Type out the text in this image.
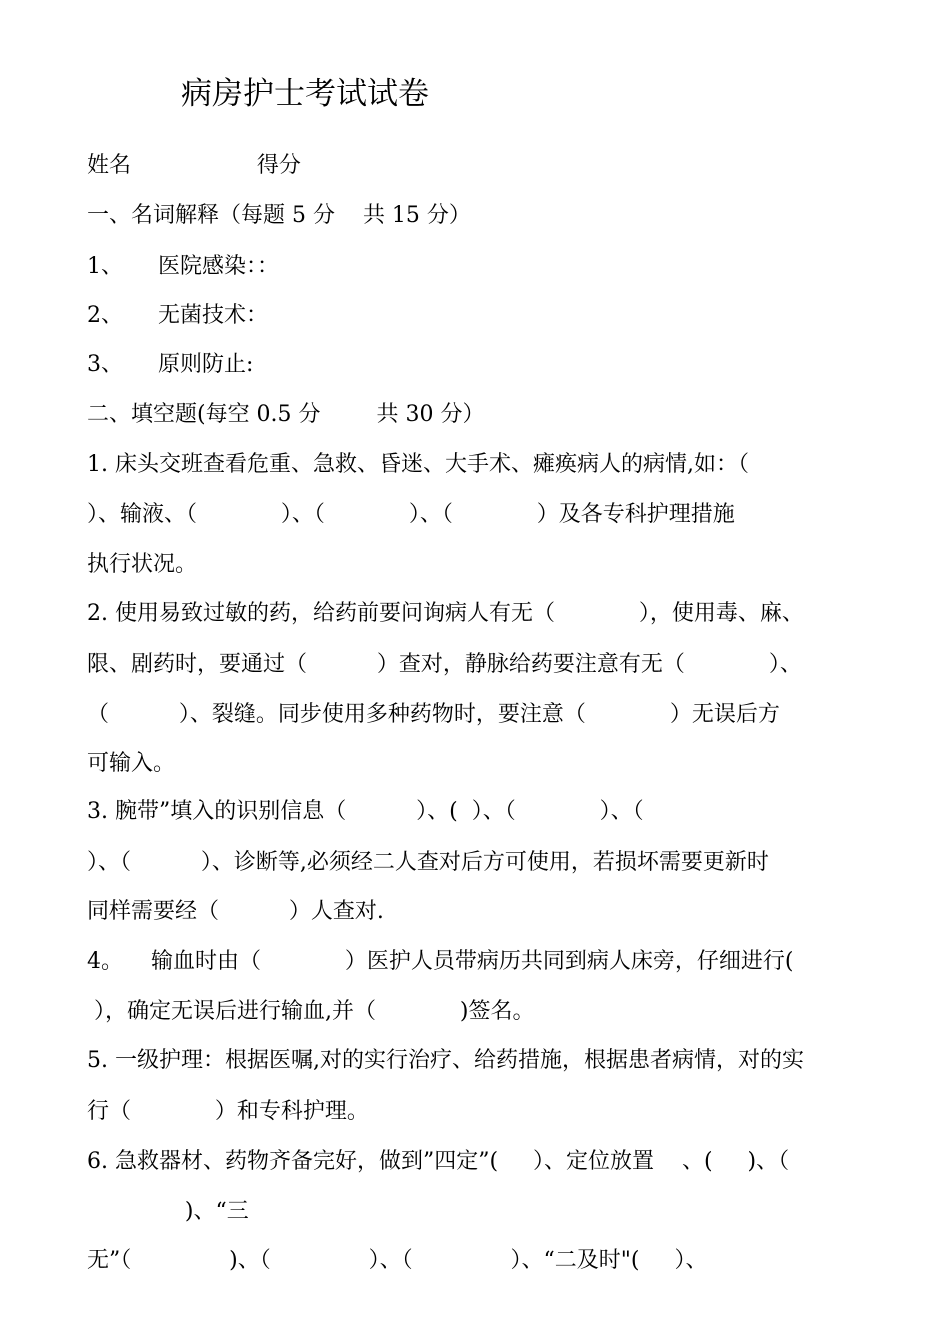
病房护士考试试卷

姓名                  得分

一、名词解释（每题 5 分    共 15 分）

1、     医院感染：：

2、     无菌技术：

3、     原则防止:

二、填空题(每空 0.5 分        共 30 分）

1. 床头交班查看危重、急救、昏迷、大手术、瘫痪病人的病情,如：（

）、输液、（            ）、（            ）、（            ）及各专科护理措施

执行状况。

2. 使用易致过敏的药，给药前要问询病人有无（            ），使用毒、麻、

限、剧药时，要通过（          ）查对，静脉给药要注意有无（            ）、

（          ）、裂缝。同步使用多种药物时，要注意（            ）无误后方

可输入。

3. 腕带”填入的识别信息（          ）、(  ）、（            ）、（

）、（          ）、诊断等,必须经二人查对后方可使用，若损坏需要更新时

同样需要经（          ）人查对.

4。    输血时由（            ）医护人员带病历共同到病人床旁，仔细进行(

），确定无误后进行输血,并（            )签名。

5. 一级护理：根据医嘱,对的实行治疗、给药措施，根据患者病情，对的实

行（            ）和专科护理。

6. 急救器材、药物齐备完好，做到”四定”(     ）、定位放置    、(     )、（

)、“三

无”（              )、（              ）、（              ）、“二及时"(     ）、
